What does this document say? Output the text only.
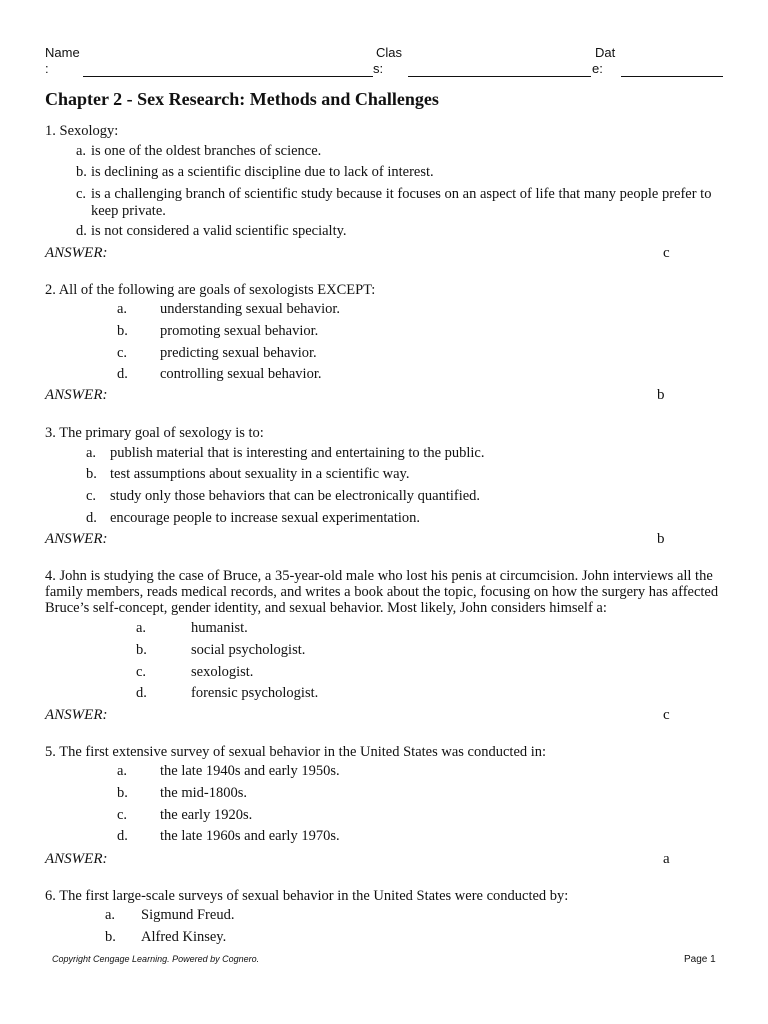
Name
:
Clas
s:
Dat
e:
Chapter 2 - Sex Research: Methods and Challenges

1. Sexology:

a. is one of the oldest branches of science.
b. is declining as a scientific discipline due to lack of interest.
c. is a challenging branch of scientific study because it focuses on an aspect of life that many people prefer to
keep private.
d. is not considered a valid scientific specialty.
ANSWER:	c

2. All of the following are goals of sexologists EXCEPT:

a. understanding sexual behavior.
b. promoting sexual behavior.
c. predicting sexual behavior.
d. controlling sexual behavior.
ANSWER:	b

3. The primary goal of sexology is to:

a. publish material that is interesting and entertaining to the public.
b. test assumptions about sexuality in a scientific way.
c. study only those behaviors that can be electronically quantified.
d. encourage people to increase sexual experimentation.
ANSWER:	b

4. John is studying the case of Bruce, a 35-year-old male who lost his penis at circumcision. John interviews all the family members, reads medical records, and writes a book about the topic, focusing on how the surgery has affected Bruce’s self-concept, gender identity, and sexual behavior. Most likely, John considers himself a:

a.	humanist.
b.	social psychologist.
c.	sexologist.
d.	forensic psychologist.
ANSWER:	c

5. The first extensive survey of sexual behavior in the United States was conducted in:

a. the late 1940s and early 1950s.
b. the mid-1800s.
c. the early 1920s.
d. the late 1960s and early 1970s.
ANSWER:	a

6. The first large-scale surveys of sexual behavior in the United States were conducted by:

a. Sigmund Freud.
b. Alfred Kinsey.
Copyright Cengage Learning. Powered by Cognero.	Page 1
